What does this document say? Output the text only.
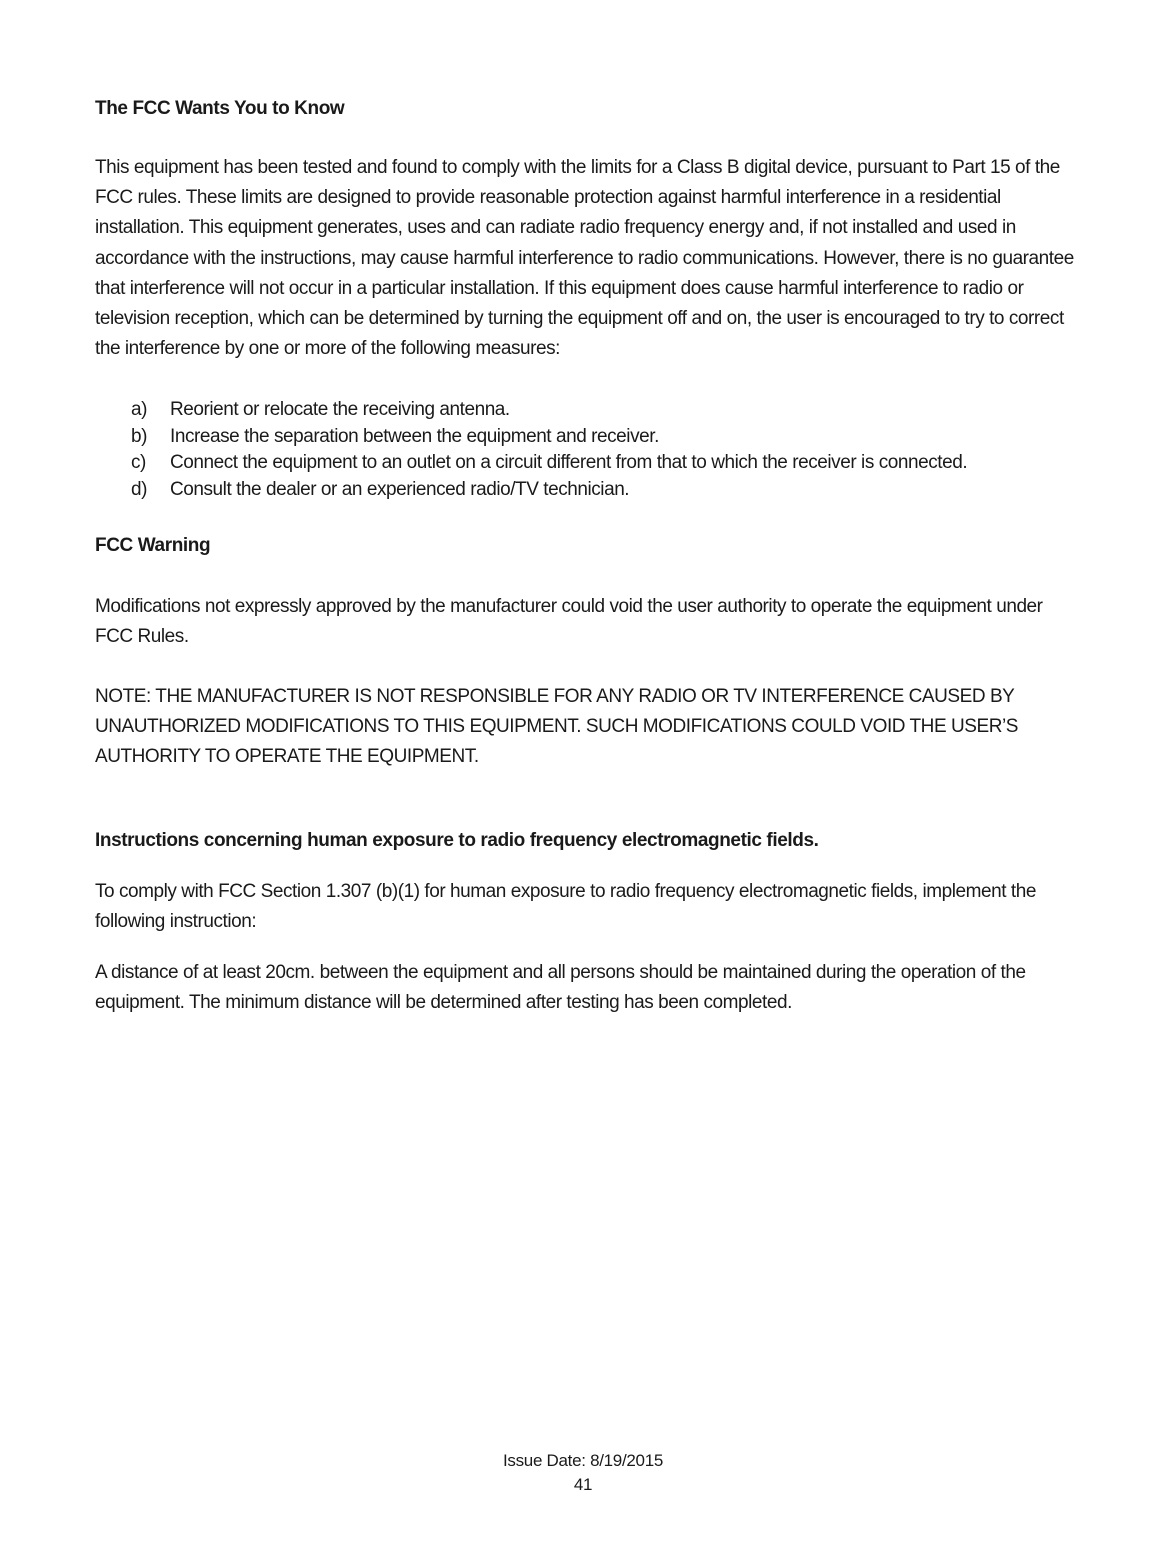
The FCC Wants You to Know

This equipment has been tested and found to comply with the limits for a Class B digital device, pursuant to Part 15 of the FCC rules. These limits are designed to provide reasonable protection against harmful interference in a residential installation. This equipment generates, uses and can radiate radio frequency energy and, if not installed and used in accordance with the instructions, may cause harmful interference to radio communications. However, there is no guarantee that interference will not occur in a particular installation. If this equipment does cause harmful interference to radio or television reception, which can be determined by turning the equipment off and on, the user is encouraged to try to correct the interference by one or more of the following measures:

a) Reorient or relocate the receiving antenna.
b) Increase the separation between the equipment and receiver.
c) Connect the equipment to an outlet on a circuit different from that to which the receiver is connected.
d) Consult the dealer or an experienced radio/TV technician.
FCC Warning

Modifications not expressly approved by the manufacturer could void the user authority to operate the equipment under FCC Rules.

NOTE: THE MANUFACTURER IS NOT RESPONSIBLE FOR ANY RADIO OR TV INTERFERENCE CAUSED BY UNAUTHORIZED MODIFICATIONS TO THIS EQUIPMENT. SUCH MODIFICATIONS COULD VOID THE USER’S AUTHORITY TO OPERATE THE EQUIPMENT.

Instructions concerning human exposure to radio frequency electromagnetic fields.

To comply with FCC Section 1.307 (b)(1) for human exposure to radio frequency electromagnetic fields, implement the following instruction:

A distance of at least 20cm. between the equipment and all persons should be maintained during the operation of the equipment. The minimum distance will be determined after testing has been completed.

Issue Date: 8/19/2015
41
